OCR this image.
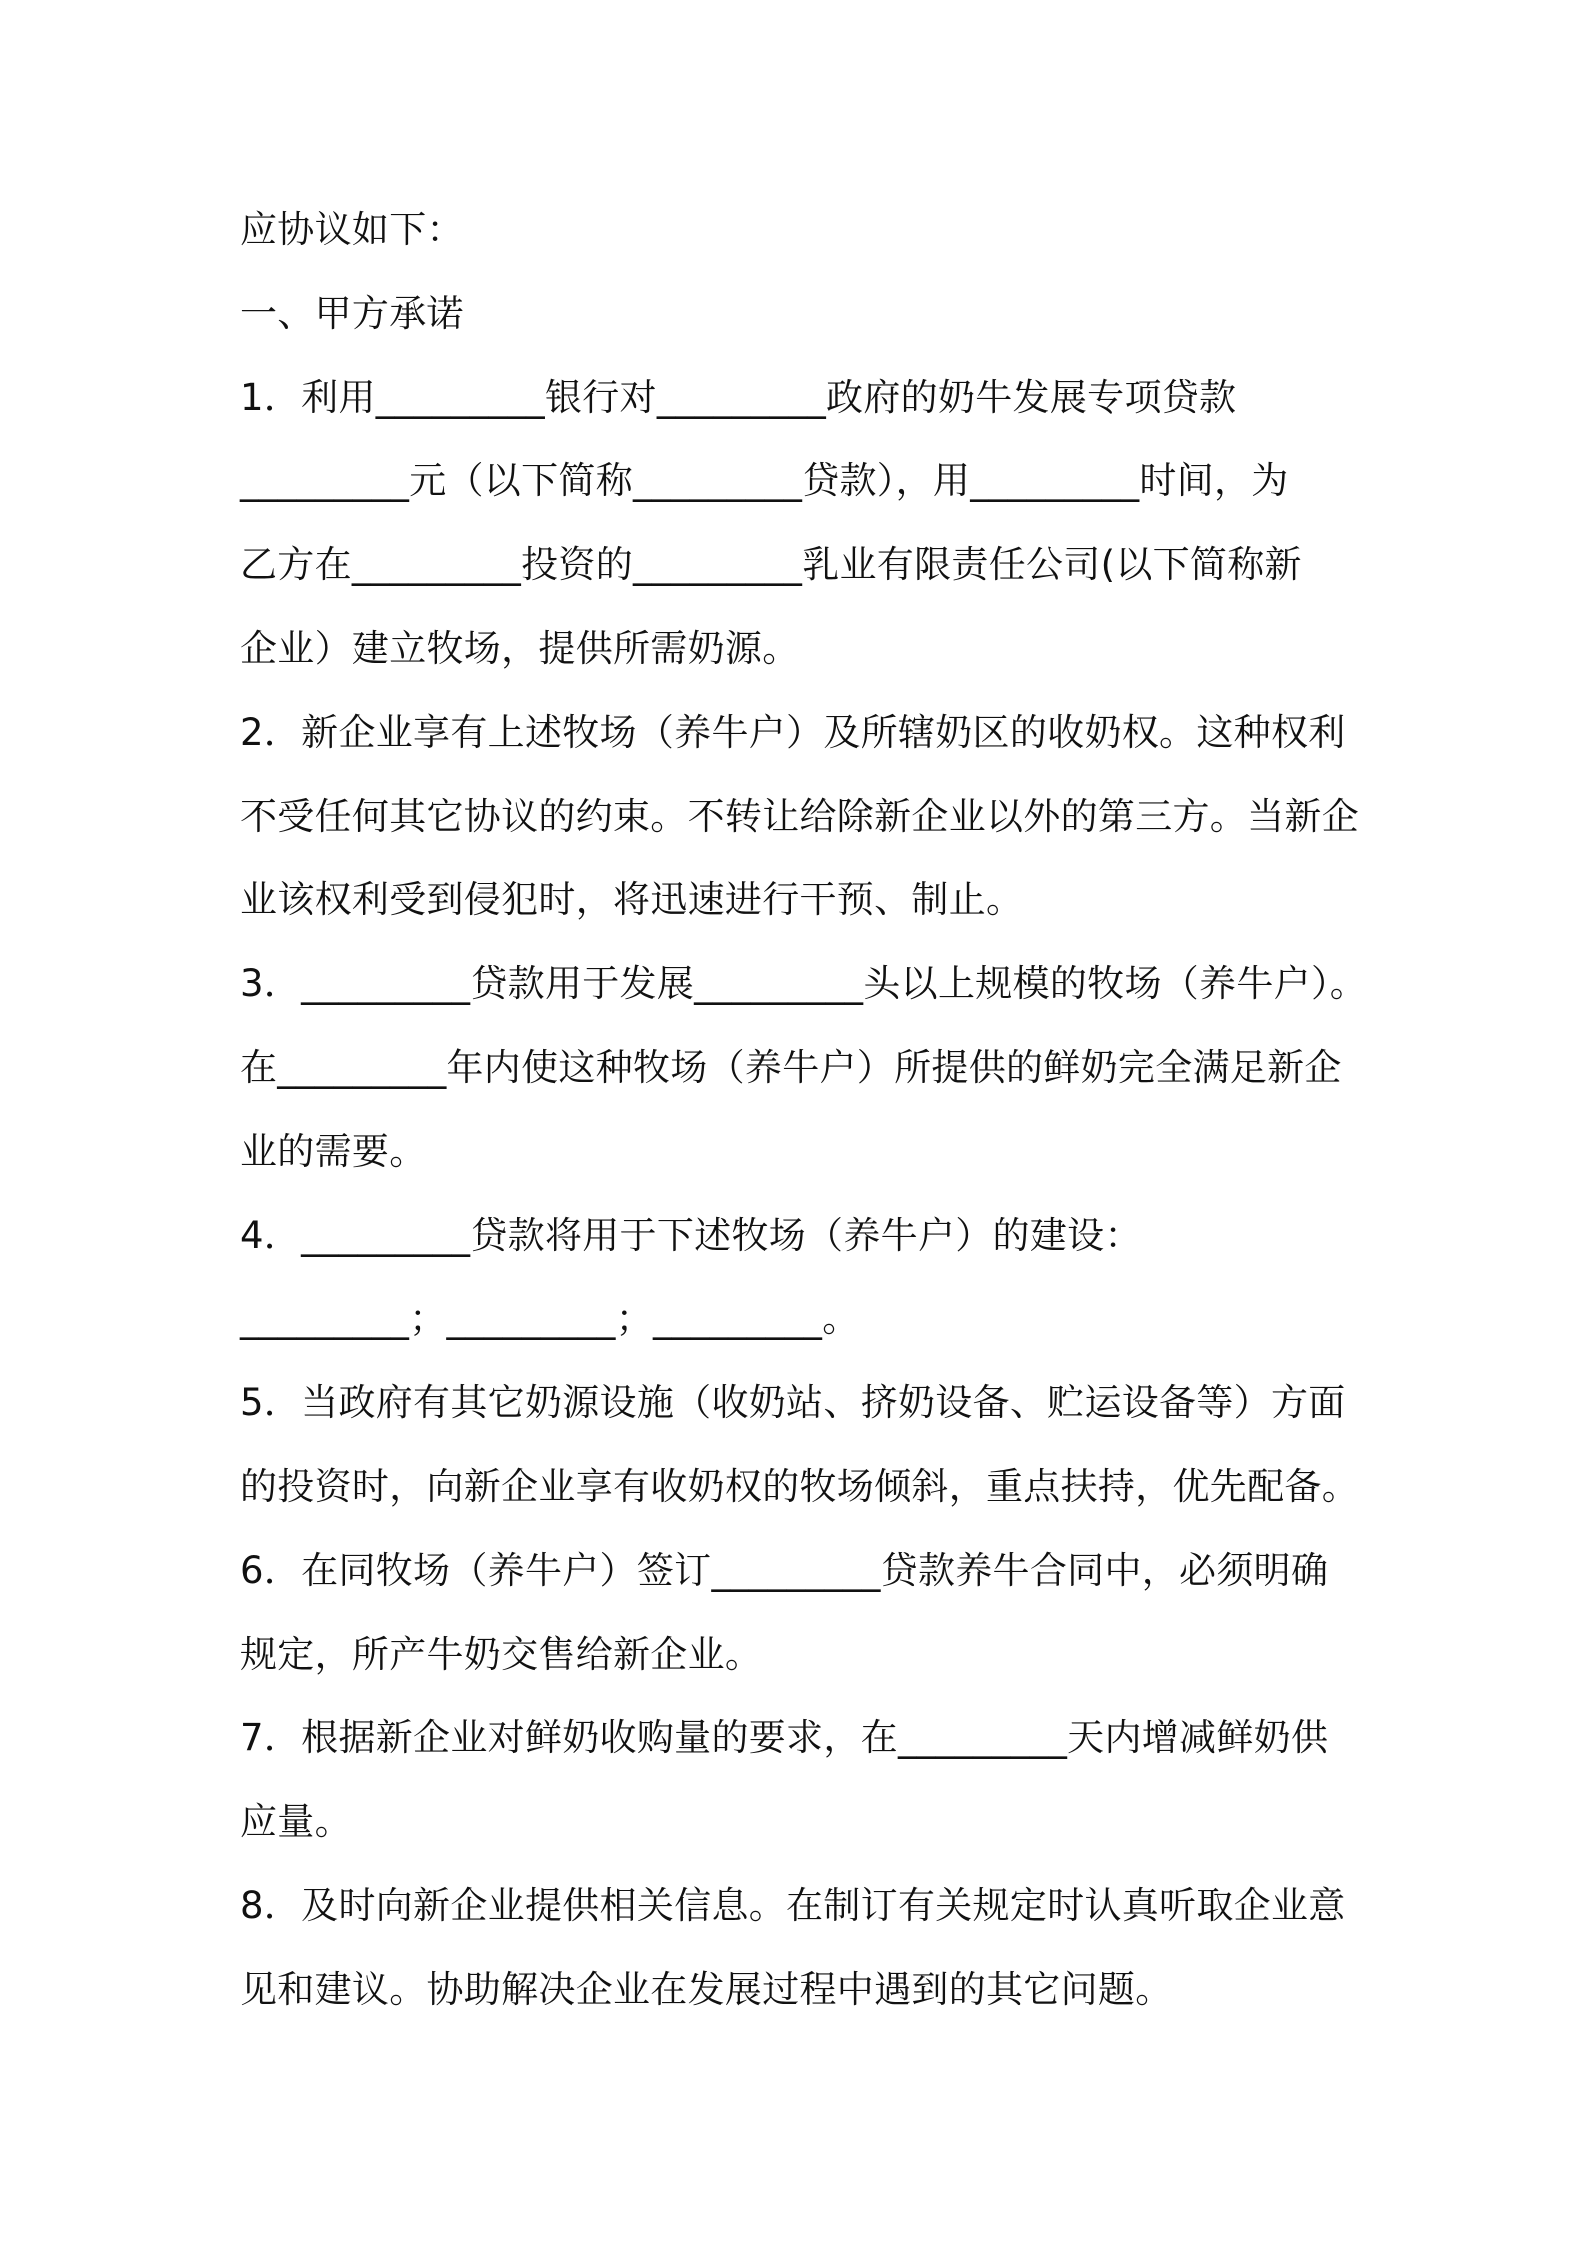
应协议如下：
一、甲方承诺
1．利用_________银行对_________政府的奶牛发展专项贷款
_________元（以下简称_________贷款），用_________时间，为
乙方在_________投资的_________乳业有限责任公司(以下简称新
企业）建立牧场，提供所需奶源。
2．新企业享有上述牧场（养牛户）及所辖奶区的收奶权。这种权利
不受任何其它协议的约束。不转让给除新企业以外的第三方。当新企
业该权利受到侵犯时，将迅速进行干预、制止。
3．_________贷款用于发展_________头以上规模的牧场（养牛户）。
在_________年内使这种牧场（养牛户）所提供的鲜奶完全满足新企
业的需要。
4．_________贷款将用于下述牧场（养牛户）的建设：
_________；_________；_________。
5．当政府有其它奶源设施（收奶站、挤奶设备、贮运设备等）方面
的投资时，向新企业享有收奶权的牧场倾斜，重点扶持，优先配备。
6．在同牧场（养牛户）签订_________贷款养牛合同中，必须明确
规定，所产牛奶交售给新企业。
7．根据新企业对鲜奶收购量的要求，在_________天内增减鲜奶供
应量。
8．及时向新企业提供相关信息。在制订有关规定时认真听取企业意
见和建议。协助解决企业在发展过程中遇到的其它问题。
